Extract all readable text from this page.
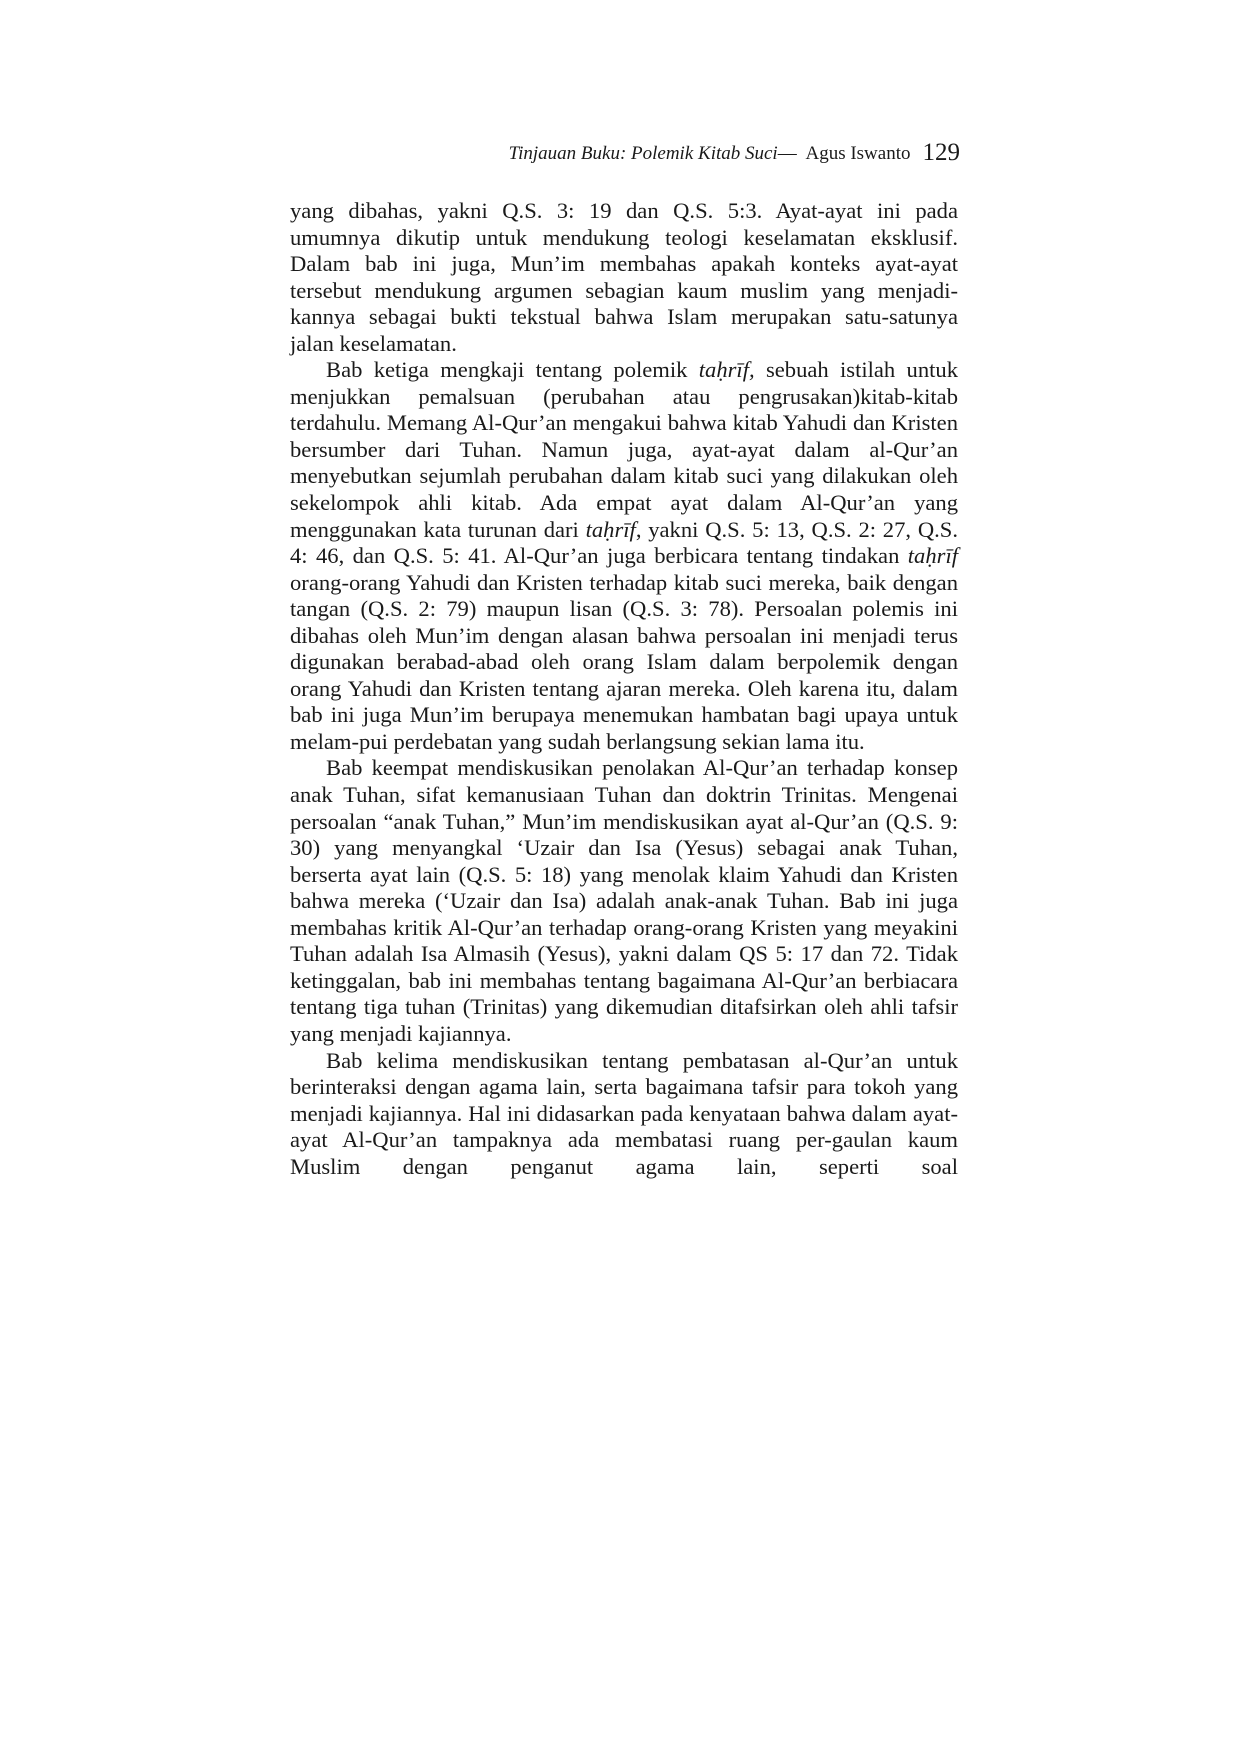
Tinjauan Buku: Polemik Kitab Suci— Agus Iswanto 129

yang dibahas, yakni Q.S. 3: 19 dan Q.S. 5:3. Ayat-ayat ini pada
umumnya dikutip untuk mendukung teologi keselamatan eksklusif.
Dalam bab ini juga, Mun’im membahas apakah konteks ayat-ayat
tersebut mendukung argumen sebagian kaum muslim yang menjadi-
kannya sebagai bukti tekstual bahwa Islam merupakan satu-satunya
jalan keselamatan.

Bab ketiga mengkaji tentang polemik taḥrīf, sebuah istilah untuk menjukkan pemalsuan (perubahan atau pengrusakan)kitab-kitab terdahulu. Memang Al-Qur’an mengakui bahwa kitab Yahudi dan Kristen bersumber dari Tuhan. Namun juga, ayat-ayat dalam al-Qur’an menyebutkan sejumlah perubahan dalam kitab suci yang dilakukan oleh sekelompok ahli kitab. Ada empat ayat dalam Al-Qur’an yang menggunakan kata turunan dari taḥrīf, yakni Q.S. 5: 13, Q.S. 2: 27, Q.S. 4: 46, dan Q.S. 5: 41. Al-Qur’an juga berbicara tentang tindakan taḥrīf orang-orang Yahudi dan Kristen terhadap kitab suci mereka, baik dengan tangan (Q.S. 2: 79) maupun lisan (Q.S. 3: 78). Persoalan polemis ini dibahas oleh Mun’im dengan alasan bahwa persoalan ini menjadi terus digunakan berabad-abad oleh orang Islam dalam berpolemik dengan orang Yahudi dan Kristen tentang ajaran mereka. Oleh karena itu, dalam bab ini juga Mun’im berupaya menemukan hambatan bagi upaya untuk melam-pui perdebatan yang sudah berlangsung sekian lama itu.

Bab keempat mendiskusikan penolakan Al-Qur’an terhadap konsep anak Tuhan, sifat kemanusiaan Tuhan dan doktrin Trinitas. Mengenai persoalan “anak Tuhan,” Mun’im mendiskusikan ayat al-Qur’an (Q.S. 9: 30) yang menyangkal ‘Uzair dan Isa (Yesus) sebagai anak Tuhan, berserta ayat lain (Q.S. 5: 18) yang menolak klaim Yahudi dan Kristen bahwa mereka (‘Uzair dan Isa) adalah anak-anak Tuhan. Bab ini juga membahas kritik Al-Qur’an terhadap orang-orang Kristen yang meyakini Tuhan adalah Isa Almasih (Yesus), yakni dalam QS 5: 17 dan 72. Tidak ketinggalan, bab ini membahas tentang bagaimana Al-Qur’an berbiacara tentang tiga tuhan (Trinitas) yang dikemudian ditafsirkan oleh ahli tafsir yang menjadi kajiannya.

Bab kelima mendiskusikan tentang pembatasan al-Qur’an untuk berinteraksi dengan agama lain, serta bagaimana tafsir para tokoh yang menjadi kajiannya. Hal ini didasarkan pada kenyataan bahwa dalam ayat-ayat Al-Qur’an tampaknya ada membatasi ruang per-gaulan kaum Muslim dengan penganut agama lain, seperti soal
